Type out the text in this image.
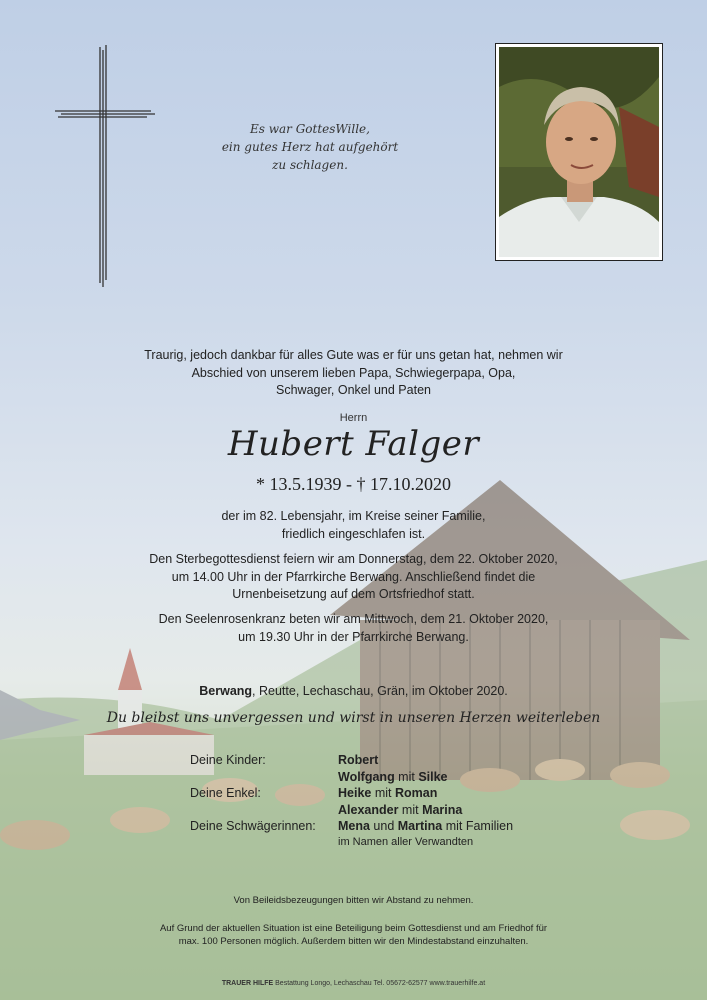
Es war GottesWille,
ein gutes Herz hat aufgehört
zu schlagen.
Traurig, jedoch dankbar für alles Gute was er für uns getan hat, nehmen wir
Abschied von unserem lieben Papa, Schwiegerpapa, Opa,
Schwager, Onkel und Paten
Herrn
Hubert Falger
* 13.5.1939 - † 17.10.2020
der im 82. Lebensjahr, im Kreise seiner Familie,
friedlich eingeschlafen ist.
Den Sterbegottesdienst feiern wir am Donnerstag, dem 22. Oktober 2020,
um 14.00 Uhr in der Pfarrkirche Berwang. Anschließend findet die
Urnenbeisetzung auf dem Ortsfriedhof statt.
Den Seelenrosenkranz beten wir am Mittwoch, dem 21. Oktober 2020,
um 19.30 Uhr in der Pfarrkirche Berwang.
Berwang, Reutte, Lechaschau, Grän, im Oktober 2020.
Du bleibst uns unvergessen und wirst in unseren Herzen weiterleben
Deine Kinder:	Robert
Wolfgang mit Silke
Deine Enkel:	Heike mit Roman
Alexander mit Marina
Deine Schwägerinnen:	Mena und Martina mit Familien
im Namen aller Verwandten
Von Beileidsbezeugungen bitten wir Abstand zu nehmen.
Auf Grund der aktuellen Situation ist eine Beteiligung beim Gottesdienst und am Friedhof für
max. 100 Personen möglich. Außerdem bitten wir den Mindestabstand einzuhalten.
TRAUER HILFE Bestattung Longo, Lechaschau Tel. 05672-62577 www.trauerhilfe.at
